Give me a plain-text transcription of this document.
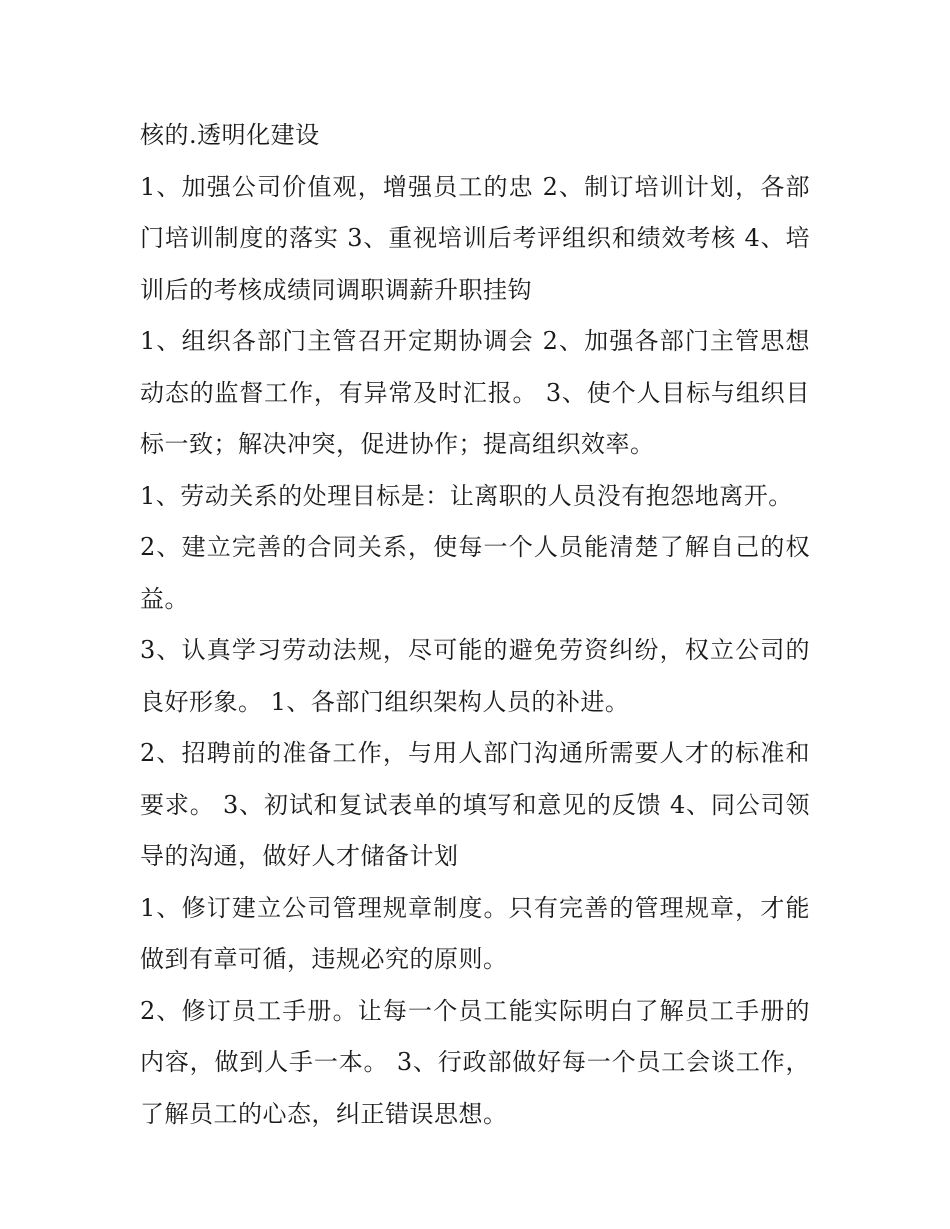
核的.透明化建设

1、加强公司价值观，增强员工的忠 2、制订培训计划，各部门培训制度的落实 3、重视培训后考评组织和绩效考核 4、培训后的考核成绩同调职调薪升职挂钩

1、组织各部门主管召开定期协调会 2、加强各部门主管思想动态的监督工作，有异常及时汇报。 3、使个人目标与组织目标一致；解决冲突，促进协作；提高组织效率。

1、劳动关系的处理目标是：让离职的人员没有抱怨地离开。

2、建立完善的合同关系，使每一个人员能清楚了解自己的权益。

3、认真学习劳动法规，尽可能的避免劳资纠纷，权立公司的良好形象。 1、各部门组织架构人员的补进。

2、招聘前的准备工作，与用人部门沟通所需要人才的标准和要求。 3、初试和复试表单的填写和意见的反馈 4、同公司领导的沟通，做好人才储备计划

1、修订建立公司管理规章制度。只有完善的管理规章，才能做到有章可循，违规必究的原则。

2、修订员工手册。让每一个员工能实际明白了解员工手册的内容，做到人手一本。 3、行政部做好每一个员工会谈工作，了解员工的心态，纠正错误思想。
